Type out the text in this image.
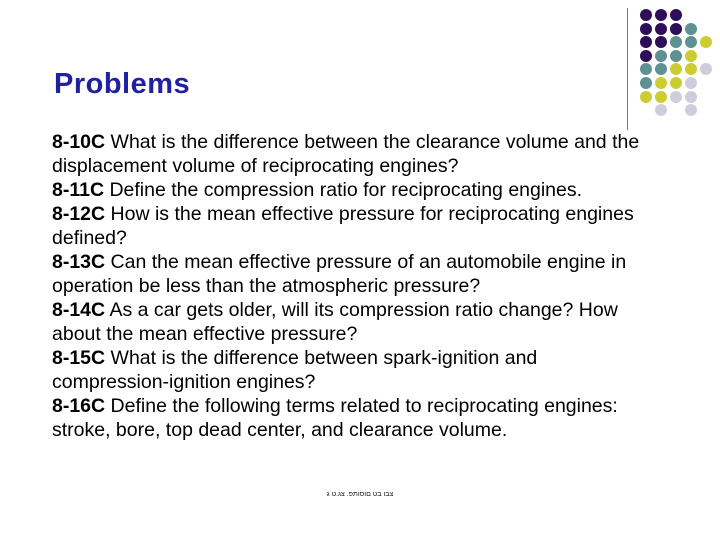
Problems

8-10C What is the difference between the clearance volume and the displacement volume of reciprocating engines?

8-11C Define the compression ratio for reciprocating engines.

8-12C How is the mean effective pressure for reciprocating engines defined?

8-13C Can the mean effective pressure of an automobile engine in operation be less than the atmospheric pressure?

8-14C As a car gets older, will its compression ratio change? How about the mean effective pressure?

8-15C What is the difference between spark-ignition and compression-ignition engines?

8-16C Define the following terms related to reciprocating engines: stroke, bore, top dead center, and clearance volume.

ג ט.גצ .פתוסום טב ובצ
